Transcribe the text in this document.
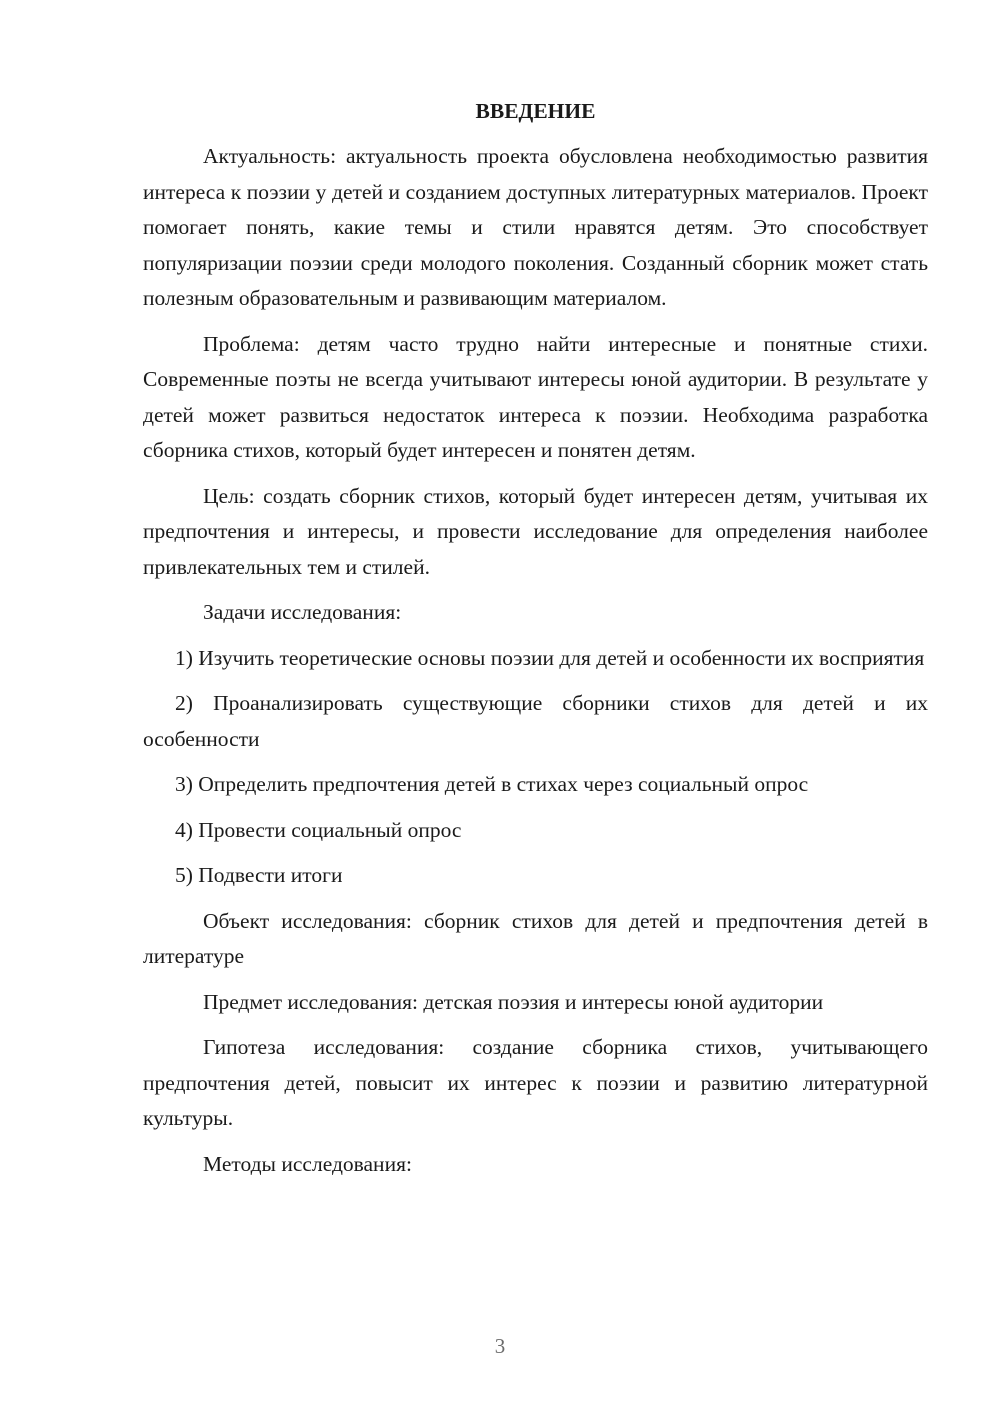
ВВЕДЕНИЕ

Актуальность: актуальность проекта обусловлена необходимостью развития интереса к поэзии у детей и созданием доступных литературных материалов. Проект помогает понять, какие темы и стили нравятся детям. Это способствует популяризации поэзии среди молодого поколения. Созданный сборник может стать полезным образовательным и развивающим материалом.

Проблема: детям часто трудно найти интересные и понятные стихи. Современные поэты не всегда учитывают интересы юной аудитории. В результате у детей может развиться недостаток интереса к поэзии. Необходима разработка сборника стихов, который будет интересен и понятен детям.

Цель: создать сборник стихов, который будет интересен детям, учитывая их предпочтения и интересы, и провести исследование для определения наиболее привлекательных тем и стилей.

Задачи исследования:

1) Изучить теоретические основы поэзии для детей и особенности их восприятия

2) Проанализировать существующие сборники стихов для детей и их особенности

3) Определить предпочтения детей в стихах через социальный опрос

4) Провести социальный опрос

5) Подвести итоги

Объект исследования: сборник стихов для детей и предпочтения детей в литературе

Предмет исследования: детская поэзия и интересы юной аудитории

Гипотеза исследования: создание сборника стихов, учитывающего предпочтения детей, повысит их интерес к поэзии и развитию литературной культуры.

Методы исследования:

3
